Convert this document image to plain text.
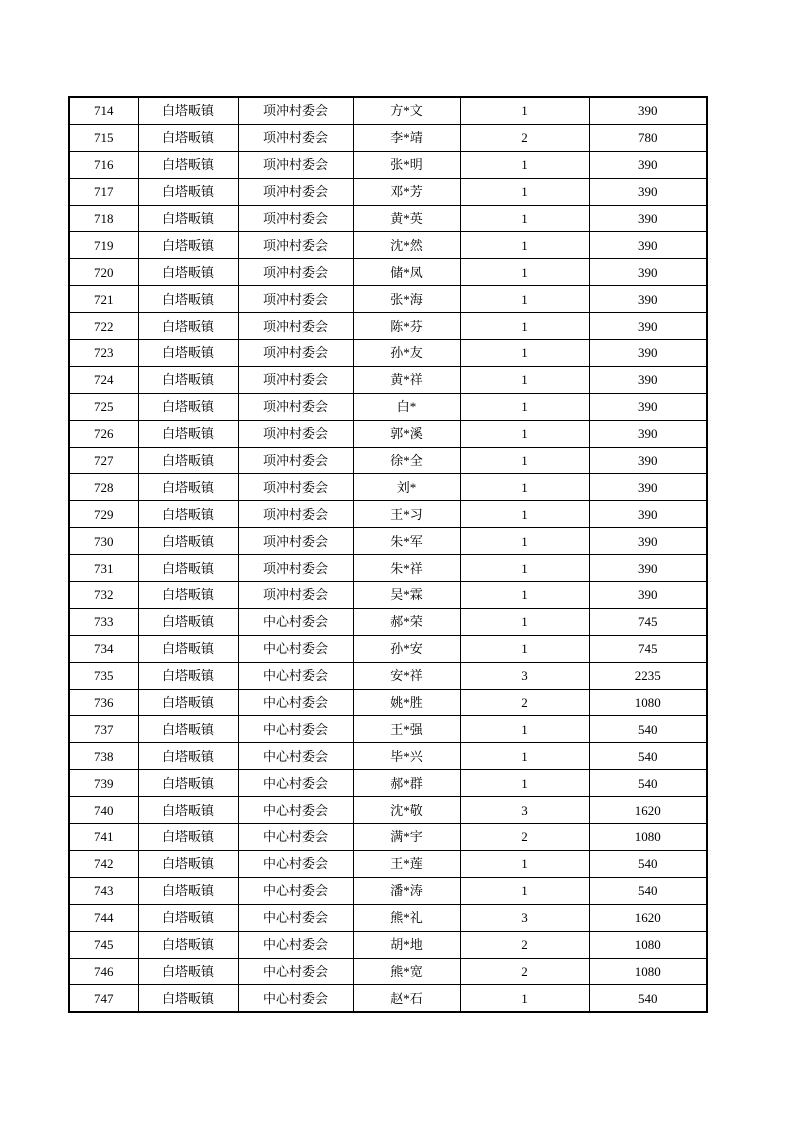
714	白塔畈镇	项冲村委会	方*文	1	390
715	白塔畈镇	项冲村委会	李*靖	2	780
716	白塔畈镇	项冲村委会	张*明	1	390
717	白塔畈镇	项冲村委会	邓*芳	1	390
718	白塔畈镇	项冲村委会	黄*英	1	390
719	白塔畈镇	项冲村委会	沈*然	1	390
720	白塔畈镇	项冲村委会	储*凤	1	390
721	白塔畈镇	项冲村委会	张*海	1	390
722	白塔畈镇	项冲村委会	陈*芬	1	390
723	白塔畈镇	项冲村委会	孙*友	1	390
724	白塔畈镇	项冲村委会	黄*祥	1	390
725	白塔畈镇	项冲村委会	白*	1	390
726	白塔畈镇	项冲村委会	郭*溪	1	390
727	白塔畈镇	项冲村委会	徐*全	1	390
728	白塔畈镇	项冲村委会	刘*	1	390
729	白塔畈镇	项冲村委会	王*习	1	390
730	白塔畈镇	项冲村委会	朱*军	1	390
731	白塔畈镇	项冲村委会	朱*祥	1	390
732	白塔畈镇	项冲村委会	吴*霖	1	390
733	白塔畈镇	中心村委会	郝*荣	1	745
734	白塔畈镇	中心村委会	孙*安	1	745
735	白塔畈镇	中心村委会	安*祥	3	2235
736	白塔畈镇	中心村委会	姚*胜	2	1080
737	白塔畈镇	中心村委会	王*强	1	540
738	白塔畈镇	中心村委会	毕*兴	1	540
739	白塔畈镇	中心村委会	郝*群	1	540
740	白塔畈镇	中心村委会	沈*敬	3	1620
741	白塔畈镇	中心村委会	满*宇	2	1080
742	白塔畈镇	中心村委会	王*莲	1	540
743	白塔畈镇	中心村委会	潘*涛	1	540
744	白塔畈镇	中心村委会	熊*礼	3	1620
745	白塔畈镇	中心村委会	胡*地	2	1080
746	白塔畈镇	中心村委会	熊*宽	2	1080
747	白塔畈镇	中心村委会	赵*石	1	540
